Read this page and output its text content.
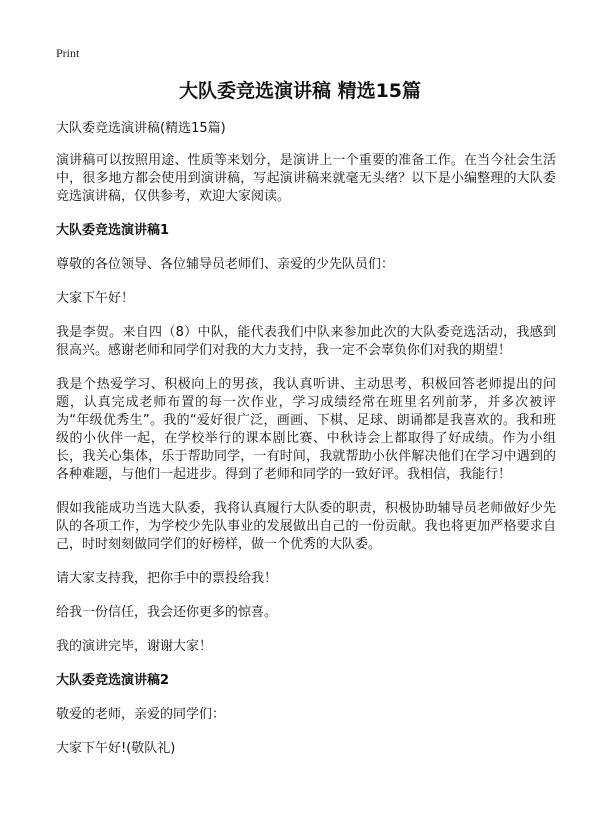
Print
大队委竞选演讲稿 精选15篇

大队委竞选演讲稿(精选15篇)

演讲稿可以按照用途、性质等来划分，是演讲上一个重要的准备工作。在当今社会生活中，很多地方都会使用到演讲稿，写起演讲稿来就毫无头绪？以下是小编整理的大队委竞选演讲稿，仅供参考，欢迎大家阅读。

大队委竞选演讲稿1

尊敬的各位领导、各位辅导员老师们、亲爱的少先队员们：

大家下午好！

我是李贺。来自四（8）中队，能代表我们中队来参加此次的大队委竞选活动，我感到很高兴。感谢老师和同学们对我的大力支持，我一定不会辜负你们对我的期望！

我是个热爱学习、积极向上的男孩，我认真听讲、主动思考，积极回答老师提出的问题，认真完成老师布置的每一次作业，学习成绩经常在班里名列前茅，并多次被评为“年级优秀生”。我的“爱好很广泛，画画、下棋、足球、朗诵都是我喜欢的。我和班级的小伙伴一起，在学校举行的课本剧比赛、中秋诗会上都取得了好成绩。作为小组长，我关心集体，乐于帮助同学，一有时间，我就帮助小伙伴解决他们在学习中遇到的各种难题，与他们一起进步。得到了老师和同学的一致好评。我相信，我能行！

假如我能成功当选大队委，我将认真履行大队委的职责，积极协助辅导员老师做好少先队的各项工作，为学校少先队事业的发展做出自己的一份贡献。我也将更加严格要求自己，时时刻刻做同学们的好榜样，做一个优秀的大队委。

请大家支持我，把你手中的票投给我！

给我一份信任，我会还你更多的惊喜。

我的演讲完毕，谢谢大家！

大队委竞选演讲稿2

敬爱的老师，亲爱的同学们：

大家下午好!(敬队礼)
